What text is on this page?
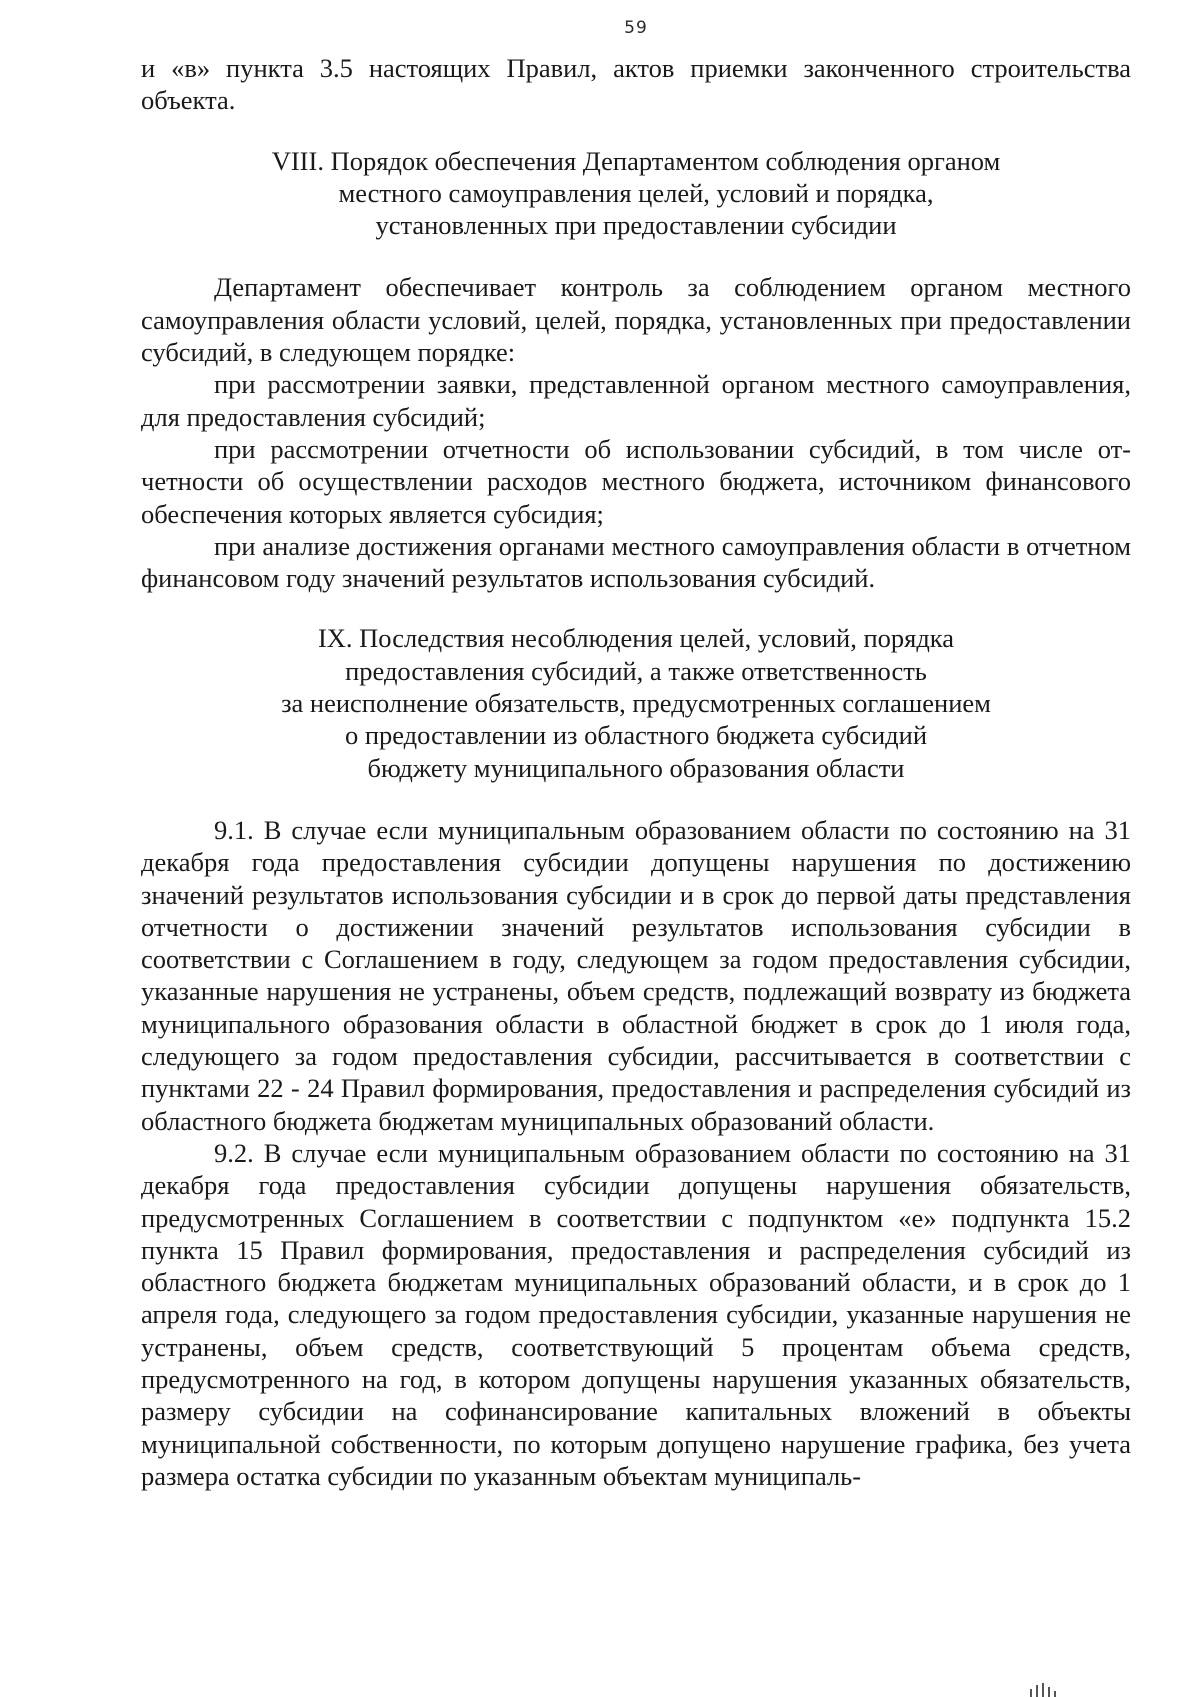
59

и «в» пункта 3.5 настоящих Правил, актов приемки законченного строительства объекта.

VIII. Порядок обеспечения Департаментом соблюдения органом
местного самоуправления целей, условий и порядка,
установленных при предоставлении субсидии

Департамент обеспечивает контроль за соблюдением органом местного самоуправления области условий, целей, порядка, установленных при предоставлении субсидий, в следующем порядке:

при рассмотрении заявки, представленной органом местного самоуправления, для предоставления субсидий;

при рассмотрении отчетности об использовании субсидий, в том числе отчетности об осуществлении расходов местного бюджета, источником финансового обеспечения которых является субсидия;

при анализе достижения органами местного самоуправления области в отчетном финансовом году значений результатов использования субсидий.

IX. Последствия несоблюдения целей, условий, порядка
предоставления субсидий, а также ответственность
за неисполнение обязательств, предусмотренных соглашением
о предоставлении из областного бюджета субсидий
бюджету муниципального образования области

9.1. В случае если муниципальным образованием области по состоянию на 31 декабря года предоставления субсидии допущены нарушения по достижению значений результатов использования субсидии и в срок до первой даты представления отчетности о достижении значений результатов использования субсидии в соответствии с Соглашением в году, следующем за годом предоставления субсидии, указанные нарушения не устранены, объем средств, подлежащий возврату из бюджета муниципального образования области в областной бюджет в срок до 1 июля года, следующего за годом предоставления субсидии, рассчитывается в соответствии с пунктами 22 - 24 Правил формирования, предоставления и распределения субсидий из областного бюджета бюджетам муниципальных образований области.

9.2. В случае если муниципальным образованием области по состоянию на 31 декабря года предоставления субсидии допущены нарушения обязательств, предусмотренных Соглашением в соответствии с подпунктом «е» подпункта 15.2 пункта 15 Правил формирования, предоставления и распределения субсидий из областного бюджета бюджетам муниципальных образований области, и в срок до 1 апреля года, следующего за годом предоставления субсидии, указанные нарушения не устранены, объем средств, соответствующий 5 процентам объема средств, предусмотренного на год, в котором допущены нарушения указанных обязательств, размеру субсидии на софинансирование капитальных вложений в объекты муниципальной собственности, по которым допущено нарушение графика, без учета размера остатка субсидии по указанным объектам муниципаль-
